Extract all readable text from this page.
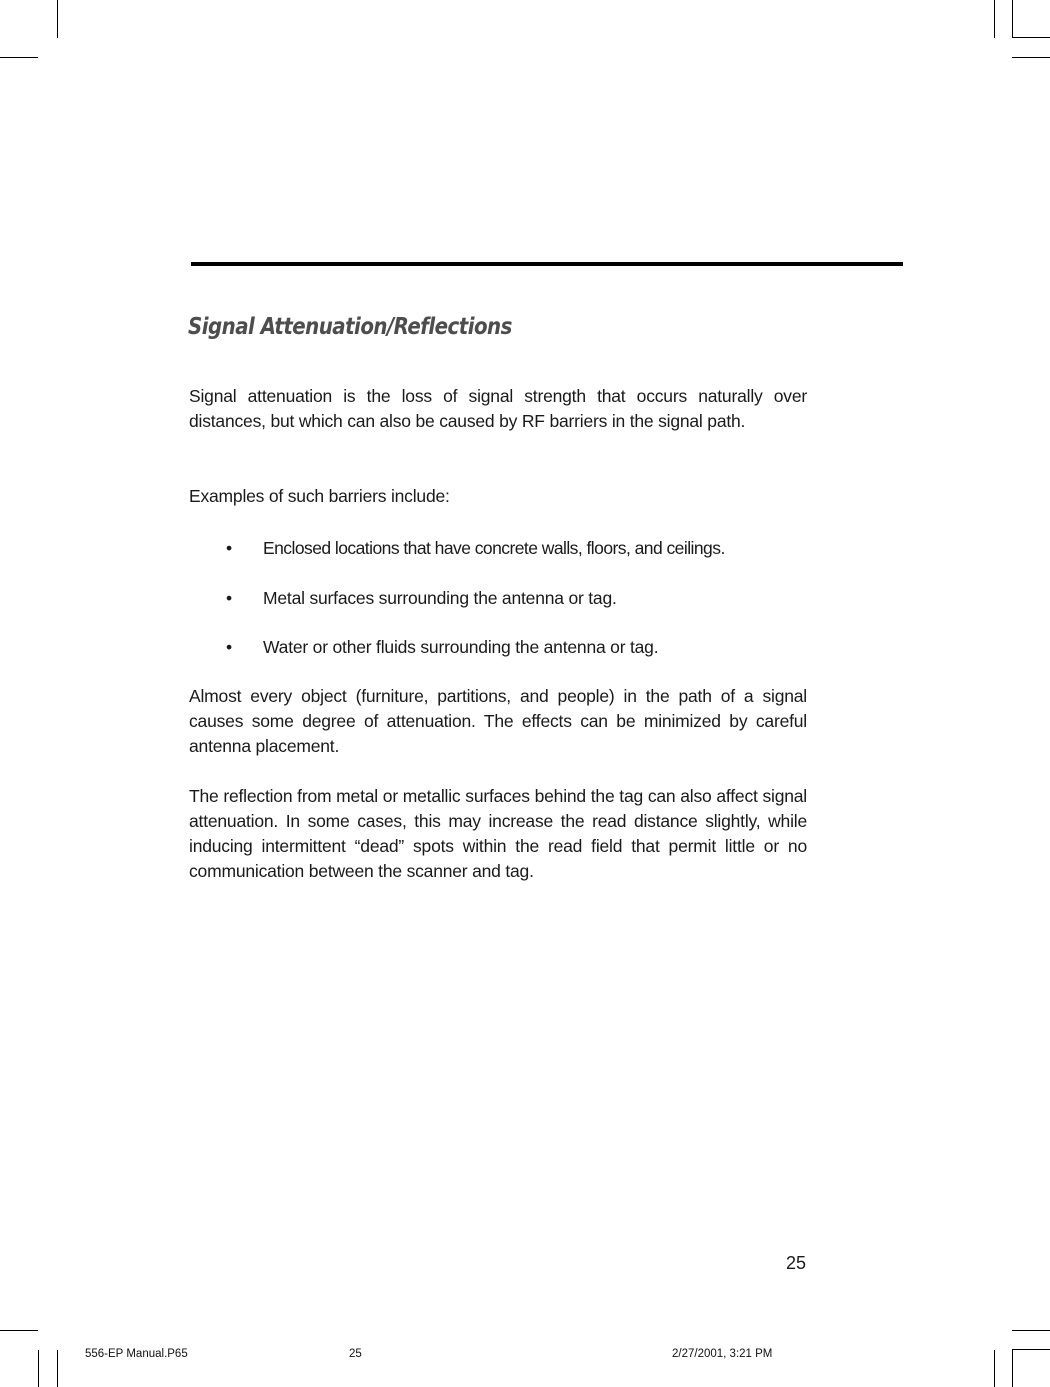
Signal Attenuation/Reflections

Signal attenuation is the loss of signal strength that occurs naturally over distances, but which can also be caused by RF barriers in the signal path.

Examples of such barriers include:

• Enclosed locations that have concrete walls, floors, and ceilings.
• Metal surfaces surrounding the antenna or tag.
• Water or other fluids surrounding the antenna or tag.

Almost every object (furniture, partitions, and people) in the path of a signal causes some degree of attenuation. The effects can be minimized by careful antenna placement.

The reflection from metal or metallic surfaces behind the tag can also affect signal attenuation. In some cases, this may increase the read distance slightly, while inducing intermittent “dead” spots within the read field that permit little or no communication between the scanner and tag.

25
556-EP Manual.P65	25	2/27/2001, 3:21 PM
